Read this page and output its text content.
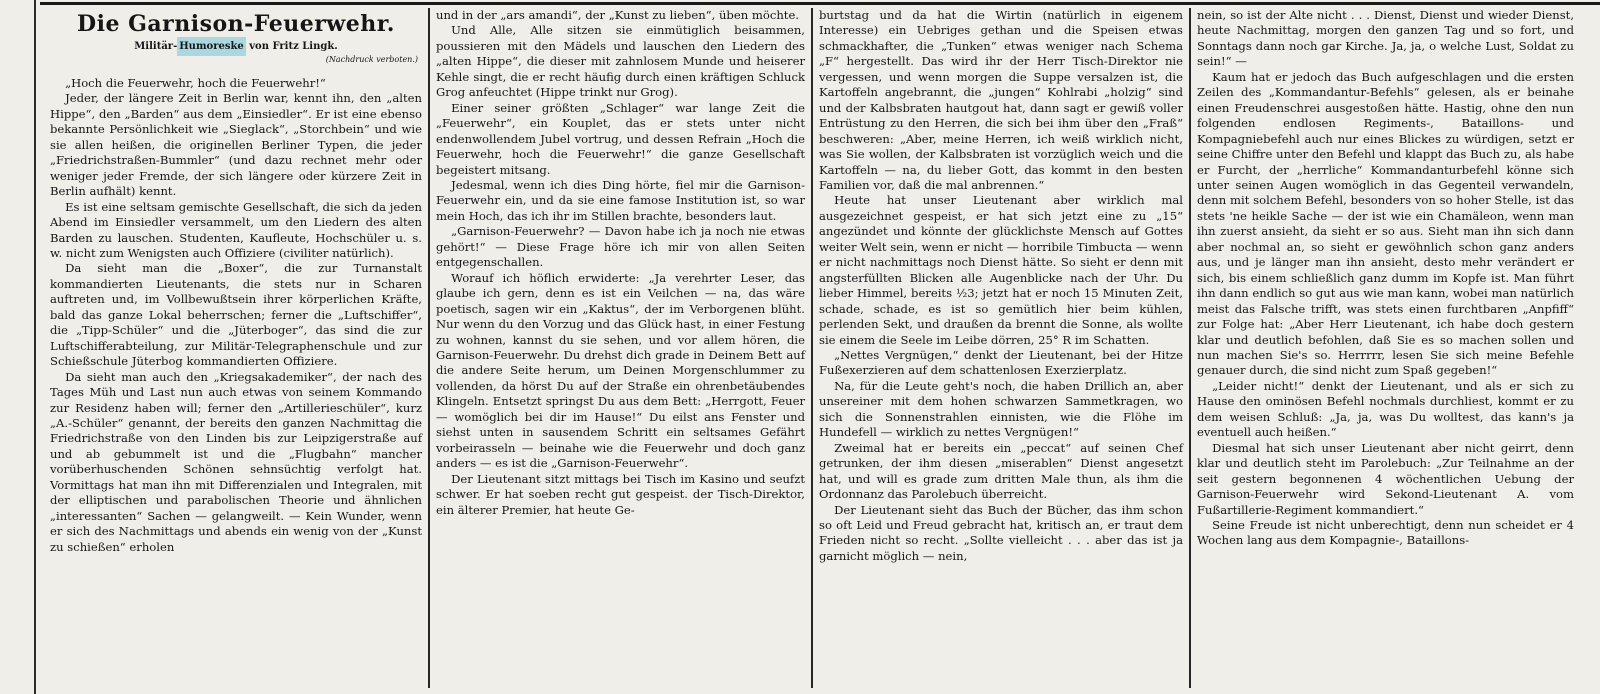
Die Garnison-Feuerwehr.
Militär- Humoreske von Fritz Lingk.
(Nachdruck verboten.)

„Hoch die Feuerwehr, hoch die Feuerwehr!“

Jeder, der längere Zeit in Berlin war, kennt ihn, den „alten Hippe“, den „Barden“ aus dem „Einsiedler“. Er ist eine ebenso bekannte Persönlichkeit wie „Sieglack“, „Storchbein“ und wie sie allen heißen, die originellen Berliner Typen, die jeder „Friedrichstraßen-Bummler“ (und dazu rechnet mehr oder weniger jeder Fremde, der sich längere oder kürzere Zeit in Berlin aufhält) kennt.

Es ist eine seltsam gemischte Gesellschaft, die sich da jeden Abend im Einsiedler versammelt, um den Liedern des alten Barden zu lauschen. Studenten, Kaufleute, Hochschüler u. s. w. nicht zum Wenigsten auch Offiziere (civiliter natürlich).

Da sieht man die „Boxer“, die zur Turnanstalt kommandierten Lieutenants, die stets nur in Scharen auftreten und, im Vollbewußtsein ihrer körperlichen Kräfte, bald das ganze Lokal beherrschen; ferner die „Luftschiffer“, die „Tipp-Schüler“ und die „Jüterboger“, das sind die zur Luftschifferabteilung, zur Militär-Telegraphenschule und zur Schießschule Jüterbog kommandierten Offiziere.

Da sieht man auch den „Kriegsakademiker“, der nach des Tages Müh und Last nun auch etwas von seinem Kommando zur Residenz haben will; ferner den „Artillerieschüler“, kurz „A.-Schüler“ genannt, der bereits den ganzen Nachmittag die Friedrichstraße von den Linden bis zur Leipzigerstraße auf und ab gebummelt ist und die „Flugbahn“ mancher vorüberhuschenden Schönen sehnsüchtig verfolgt hat. Vormittags hat man ihn mit Differenzialen und Integralen, mit der elliptischen und parabolischen Theorie und ähnlichen „interessanten“ Sachen — gelangweilt. — Kein Wunder, wenn er sich des Nachmittags und abends ein wenig von der „Kunst zu schießen“ erholen

und in der „ars amandi“, der „Kunst zu lieben“, üben möchte.

Und Alle, Alle sitzen sie einmütiglich beisammen, poussieren mit den Mädels und lauschen den Liedern des „alten Hippe“, die dieser mit zahnlosem Munde und heiserer Kehle singt, die er recht häufig durch einen kräftigen Schluck Grog anfeuchtet (Hippe trinkt nur Grog).

Einer seiner größten „Schlager“ war lange Zeit die „Feuerwehr“, ein Kouplet, das er stets unter nicht endenwollendem Jubel vortrug, und dessen Refrain „Hoch die Feuerwehr, hoch die Feuerwehr!“ die ganze Gesellschaft begeistert mitsang.

Jedesmal, wenn ich dies Ding hörte, fiel mir die Garnison-Feuerwehr ein, und da sie eine famose Institution ist, so war mein Hoch, das ich ihr im Stillen brachte, besonders laut.

„Garnison-Feuerwehr? — Davon habe ich ja noch nie etwas gehört!“ — Diese Frage höre ich mir von allen Seiten entgegenschallen.

Worauf ich höflich erwiderte: „Ja verehrter Leser, das glaube ich gern, denn es ist ein Veilchen — na, das wäre poetisch, sagen wir ein „Kaktus“, der im Verborgenen blüht. Nur wenn du den Vorzug und das Glück hast, in einer Festung zu wohnen, kannst du sie sehen, und vor allem hören, die Garnison-Feuerwehr. Du drehst dich grade in Deinem Bett auf die andere Seite herum, um Deinen Morgenschlummer zu vollenden, da hörst Du auf der Straße ein ohrenbetäubendes Klingeln. Entsetzt springst Du aus dem Bett: „Herrgott, Feuer — womöglich bei dir im Hause!“ Du eilst ans Fenster und siehst unten in sausendem Schritt ein seltsames Gefährt vorbeirasseln — beinahe wie die Feuerwehr und doch ganz anders — es ist die „Garnison-Feuerwehr“.

Der Lieutenant sitzt mittags bei Tisch im Kasino und seufzt schwer. Er hat soeben recht gut gespeist. der Tisch-Direktor, ein älterer Premier, hat heute Ge-

burtstag und da hat die Wirtin (natürlich in eigenem Interesse) ein Uebriges gethan und die Speisen etwas schmackhafter, die „Tunken“ etwas weniger nach Schema „F“ hergestellt. Das wird ihr der Herr Tisch-Direktor nie vergessen, und wenn morgen die Suppe versalzen ist, die Kartoffeln angebrannt, die „jungen“ Kohlrabi „holzig“ sind und der Kalbsbraten hautgout hat, dann sagt er gewiß voller Entrüstung zu den Herren, die sich bei ihm über den „Fraß“ beschweren: „Aber, meine Herren, ich weiß wirklich nicht, was Sie wollen, der Kalbsbraten ist vorzüglich weich und die Kartoffeln — na, du lieber Gott, das kommt in den besten Familien vor, daß die mal anbrennen.“

Heute hat unser Lieutenant aber wirklich mal ausgezeichnet gespeist, er hat sich jetzt eine zu „15“ angezündet und könnte der glücklichste Mensch auf Gottes weiter Welt sein, wenn er nicht — horribile Timbucta — wenn er nicht nachmittags noch Dienst hätte. So sieht er denn mit angsterfüllten Blicken alle Augenblicke nach der Uhr. Du lieber Himmel, bereits ½3; jetzt hat er noch 15 Minuten Zeit, schade, schade, es ist so gemütlich hier beim kühlen, perlenden Sekt, und draußen da brennt die Sonne, als wollte sie einem die Seele im Leibe dörren, 25° R im Schatten.

„Nettes Vergnügen,“ denkt der Lieutenant, bei der Hitze Fußexerzieren auf dem schattenlosen Exerzierplatz.

Na, für die Leute geht's noch, die haben Drillich an, aber unsereiner mit dem hohen schwarzen Sammetkragen, wo sich die Sonnenstrahlen einnisten, wie die Flöhe im Hundefell — wirklich zu nettes Vergnügen!“

Zweimal hat er bereits ein „peccat“ auf seinen Chef getrunken, der ihm diesen „miserablen“ Dienst angesetzt hat, und will es grade zum dritten Male thun, als ihm die Ordonnanz das Parolebuch überreicht.

Der Lieutenant sieht das Buch der Bücher, das ihm schon so oft Leid und Freud gebracht hat, kritisch an, er traut dem Frieden nicht so recht. „Sollte vielleicht . . . aber das ist ja garnicht möglich — nein,

nein, so ist der Alte nicht . . . Dienst, Dienst und wieder Dienst, heute Nachmittag, morgen den ganzen Tag und so fort, und Sonntags dann noch gar Kirche. Ja, ja, o welche Lust, Soldat zu sein!“ —

Kaum hat er jedoch das Buch aufgeschlagen und die ersten Zeilen des „Kommandantur-Befehls“ gelesen, als er beinahe einen Freudenschrei ausgestoßen hätte. Hastig, ohne den nun folgenden endlosen Regiments-, Bataillons- und Kompagniebefehl auch nur eines Blickes zu würdigen, setzt er seine Chiffre unter den Befehl und klappt das Buch zu, als habe er Furcht, der „herrliche“ Kommandanturbefehl könne sich unter seinen Augen womöglich in das Gegenteil verwandeln, denn mit solchem Befehl, besonders von so hoher Stelle, ist das stets 'ne heikle Sache — der ist wie ein Chamäleon, wenn man ihn zuerst ansieht, da sieht er so aus. Sieht man ihn sich dann aber nochmal an, so sieht er gewöhnlich schon ganz anders aus, und je länger man ihn ansieht, desto mehr verändert er sich, bis einem schließlich ganz dumm im Kopfe ist. Man führt ihn dann endlich so gut aus wie man kann, wobei man natürlich meist das Falsche trifft, was stets einen furchtbaren „Anpfiff“ zur Folge hat: „Aber Herr Lieutenant, ich habe doch gestern klar und deutlich befohlen, daß Sie es so machen sollen und nun machen Sie's so. Herrrrr, lesen Sie sich meine Befehle genauer durch, die sind nicht zum Spaß gegeben!“

„Leider nicht!“ denkt der Lieutenant, und als er sich zu Hause den ominösen Befehl nochmals durchliest, kommt er zu dem weisen Schluß: „Ja, ja, was Du wolltest, das kann's ja eventuell auch heißen.“

Diesmal hat sich unser Lieutenant aber nicht geirrt, denn klar und deutlich steht im Parolebuch: „Zur Teilnahme an der seit gestern begonnenen 4 wöchentlichen Uebung der Garnison-Feuerwehr wird Sekond-Lieutenant A. vom Fußartillerie-Regiment kommandiert.“

Seine Freude ist nicht unberechtigt, denn nun scheidet er 4 Wochen lang aus dem Kompagnie-, Bataillons-
